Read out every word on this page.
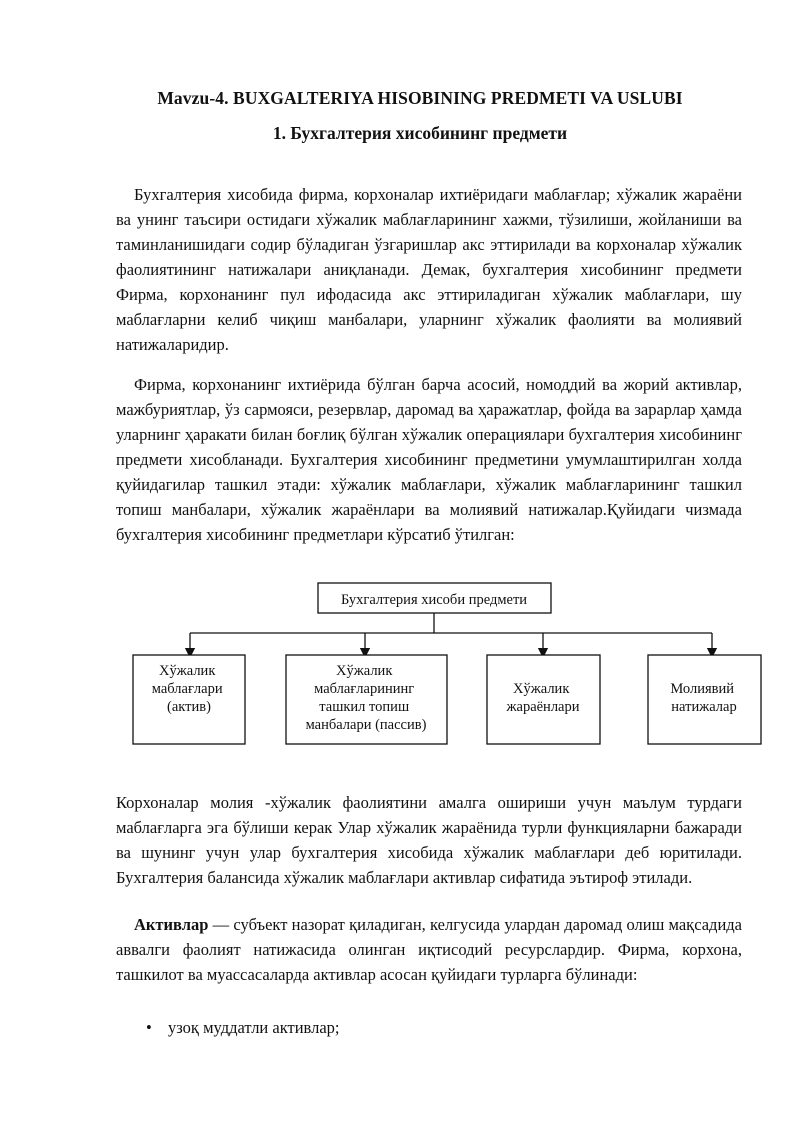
Mavzu-4. BUXGALTERIYA HISOBINING PREDMETI VA USLUBI
1. Бухгалтерия хисобининг предмети
Бухгалтерия хисобида фирма, корхоналар ихтиёридаги маблағлар; хўжалик жараёни ва унинг таъсири остидаги хўжалик маблағларининг хажми, тўзилиши, жойланиши ва таминланишидаги содир бўладиган ўзгаришлар акс эттирилади ва корхоналар хўжалик фаолиятининг натижалари аниқланади. Демак, бухгалтерия хисобининг предмети Фирма, корхонанинг пул ифодасида акс эттириладиган хўжалик маблағлари, шу маблағларни келиб чиқиш манбалари, уларнинг хўжалик фаолияти ва молиявий натижаларидир.
Фирма, корхонанинг ихтиёрида бўлган барча асосий, номоддий ва жорий активлар, мажбуриятлар, ўз сармояси, резервлар, даромад ва ҳаражатлар, фойда ва зарарлар ҳамда уларнинг ҳаракати билан боғлиқ бўлган хўжалик операциялари бухгалтерия хисобининг предмети хисобланади. Бухгалтерия хисобининг предметини умумлаштирилган холда қуйидагилар ташкил этади: хўжалик маблағлари, хўжалик маблағларининг ташкил топиш манбалари, хўжалик жараёнлари ва молиявий натижалар.Қуйидаги чизмада бухгалтерия хисобининг предметлари кўрсатиб ўтилган:
Бухгалтерия хисоби предмети
Хўжалик маблағлари (актив)
Хўжалик маблағларининг ташкил топиш манбалари (пассив)
Хўжалик жараёнлари
Молиявий натижалар
Корхоналар молия -хўжалик фаолиятини амалга ошириши учун маълум турдаги маблағларга эга бўлиши керак Улар хўжалик жараёнида турли функцияларни бажаради ва шунинг учун улар бухгалтерия хисобида хўжалик маблағлари деб юритилади. Бухгалтерия балансида хўжалик маблағлари активлар сифатида эътироф этилади.
Активлар — субъект назорат қиладиган, келгусида улардан даромад олиш мақсадида аввалги фаолият натижасида олинган иқтисодий ресурслардир. Фирма, корхона, ташкилот ва муассасаларда активлар асосан қуйидаги турларга бўлинади:
• узоқ муддатли активлар;
